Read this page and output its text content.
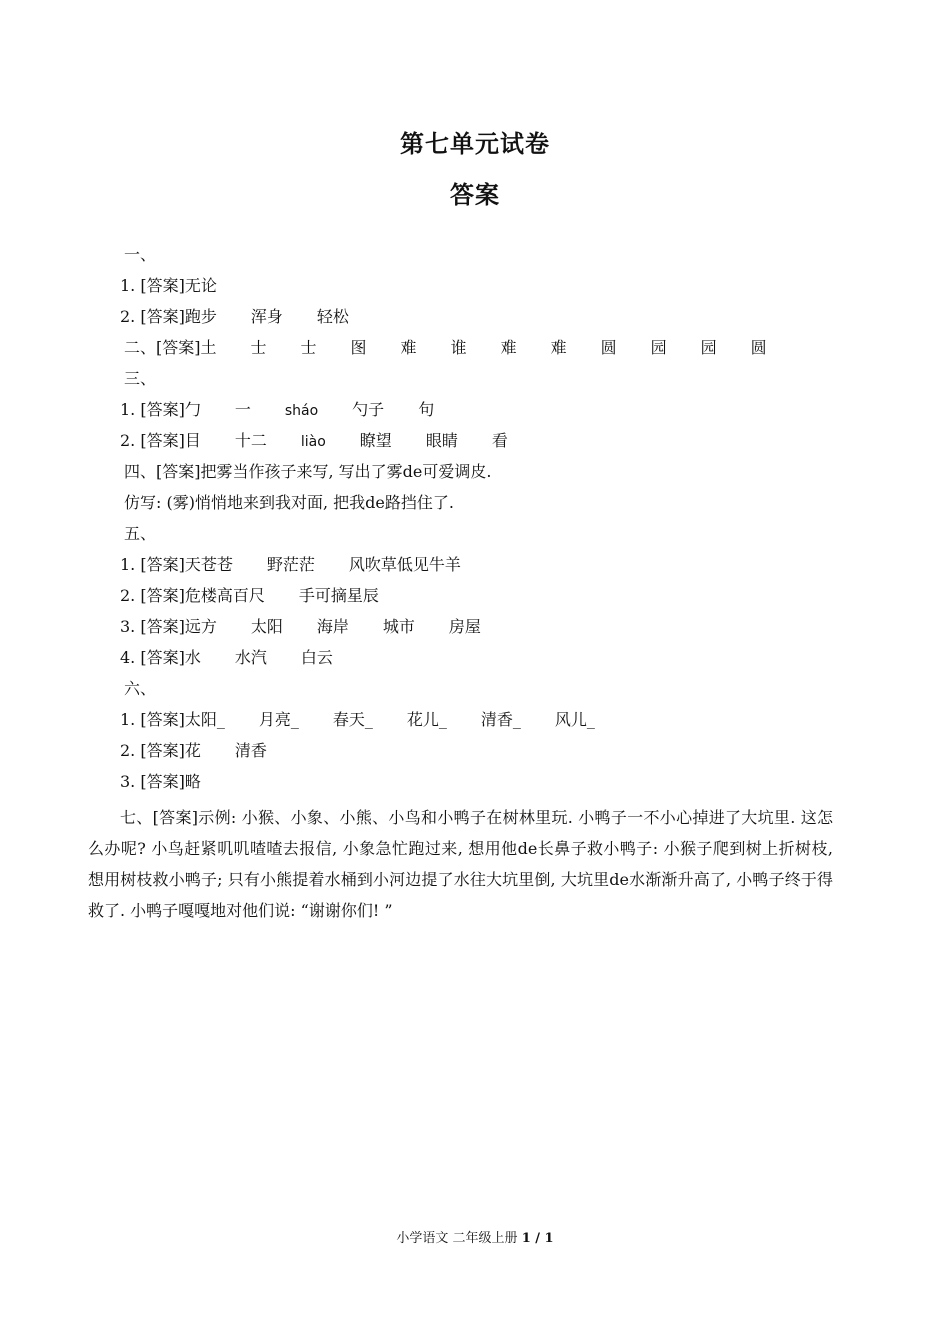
第七单元试卷
答案
一、
1. [答案]无论
2. [答案]跑步 浑身 轻松
二、[答案]土 士 士 图 难 谁 难 难 圆 园 园 圆
三、
1. [答案]勹 一 sháo 勺子 句
2. [答案]目 十二 liào 瞭望 眼睛 看
四、[答案]把雾当作孩子来写, 写出了雾de可爱调皮.
仿写: (雾)悄悄地来到我对面, 把我de路挡住了.
五、
1. [答案]天苍苍 野茫茫 风吹草低见牛羊
2. [答案]危楼高百尺 手可摘星辰
3. [答案]远方 太阳 海岸 城市 房屋
4. [答案]水 水汽 白云
六、
1. [答案]太阳_ 月亮_ 春天_ 花儿_ 清香_ 风儿_
2. [答案]花 清香
3. [答案]略
七、[答案]示例: 小猴、小象、小熊、小鸟和小鸭子在树林里玩. 小鸭子一不小心掉进了大坑里. 这怎么办呢? 小鸟赶紧叽叽喳喳去报信, 小象急忙跑过来, 想用他de长鼻子救小鸭子: 小猴子爬到树上折树枝, 想用树枝救小鸭子; 只有小熊提着水桶到小河边提了水往大坑里倒, 大坑里de水渐渐升高了, 小鸭子终于得救了. 小鸭子嘎嘎地对他们说: “谢谢你们! ”
小学语文 二年级上册 1 / 1
